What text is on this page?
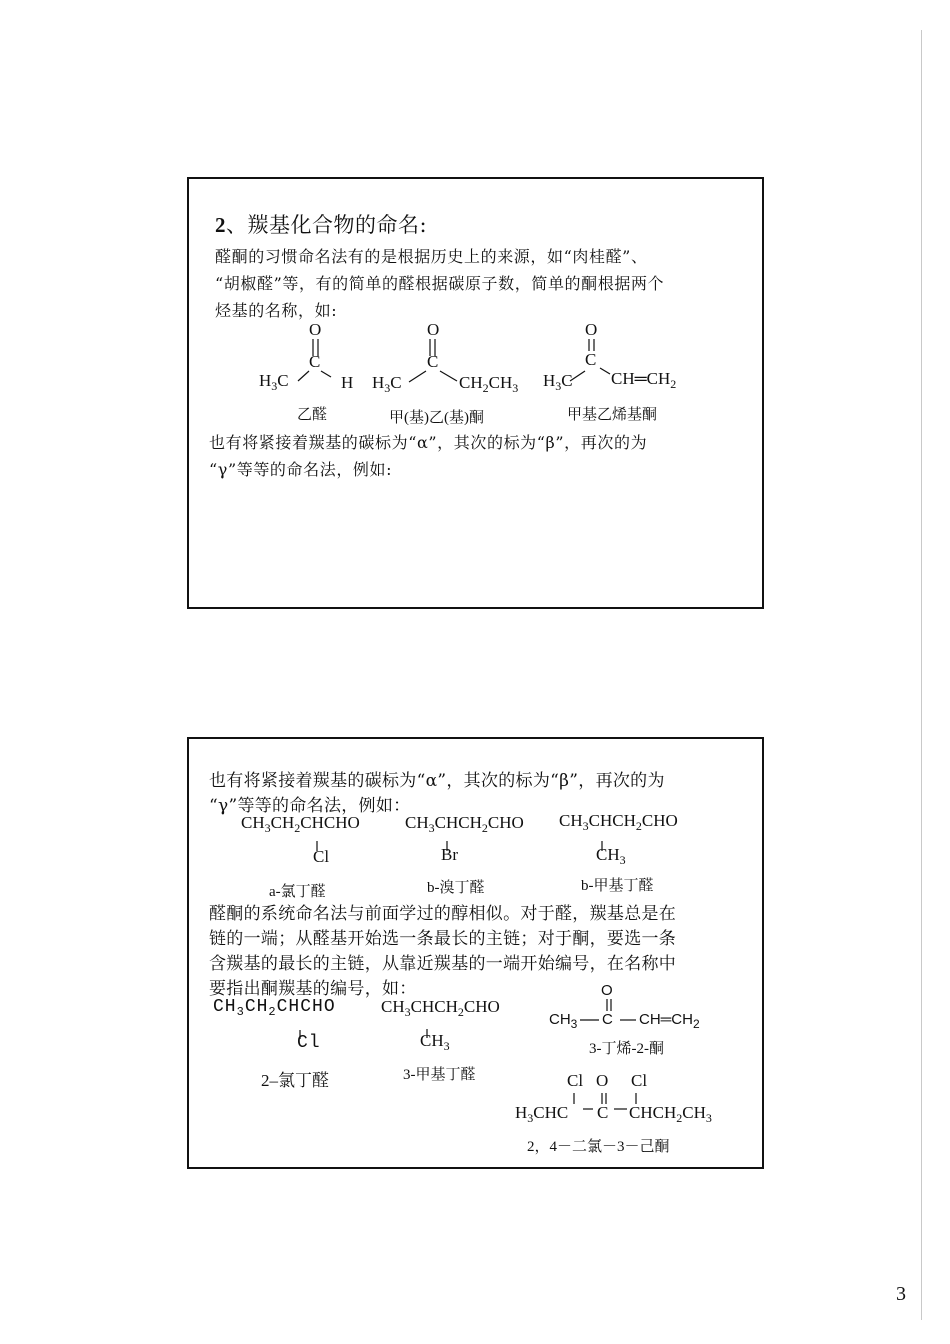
3
2、羰基化合物的命名:
醛酮的习惯命名法有的是根据历史上的来源，如“肉桂醛”、
“胡椒醛”等，有的简单的醛根据碳原子数，简单的酮根据两个
烃基的名称，如:
O
C
$H_3C$	H
O
C
$H_3C$	$CH_2CH_3$
O
C
$H_3C$ $CH═CH_2$
乙醛	甲(基)乙(基)酮	甲基乙烯基酮
也有将紧接着羰基的碳标为“α”，其次的标为“β”，再次的为
“γ”等等的命名法，例如:
也有将紧接着羰基的碳标为“α”，其次的标为“β”，再次的为
“γ”等等的命名法，例如：
$CH_3CH_2CHCHO$
Cl
$CH_3CHCH_2CHO$
Br
$CH_3CHCH_2CHO$
$CH_3$
a-氯丁醛	b-溴丁醛	b-甲基丁醛
醛酮的系统命名法与前面学过的醇相似。对于醛，羰基总是在
链的一端；从醛基开始选一条最长的主链；对于酮，要选一条
含羰基的最长的主链，从靠近羰基的一端开始编号，在名称中
要指出酮羰基的编号，如：
$CH_3CH_2CHCHO$
Cl
$CH_3CHCH_2CHO$
$CH_3$
O
$CH_3$ C $CH═CH_2$
2–氯丁醛	3-甲基丁醛
3-丁烯-2-酮
Cl O Cl
$H_3CHC$ C $CHCH_2CH_3$
2，4－二氯－3－己酮
